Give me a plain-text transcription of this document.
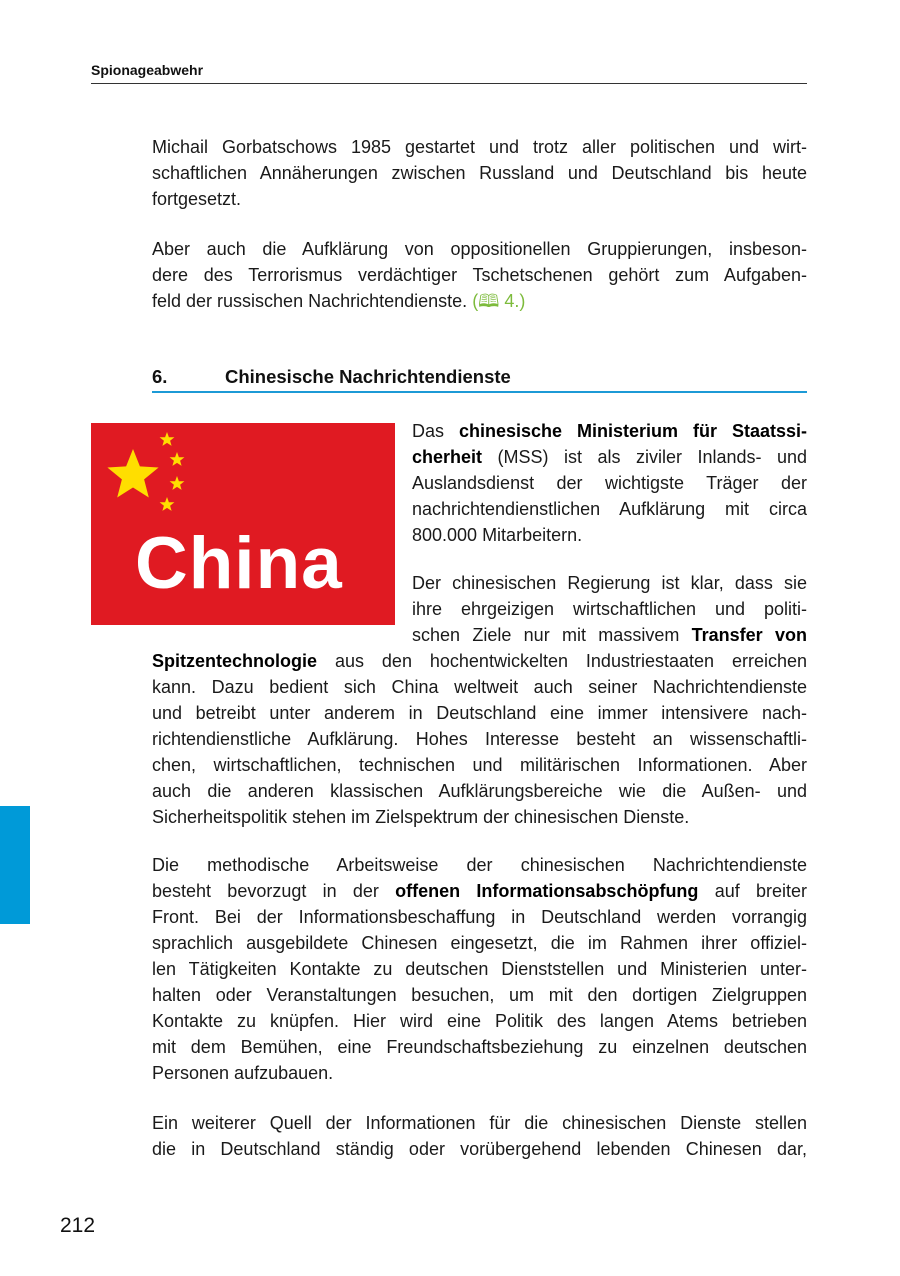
Spionageabwehr

Michail Gorbatschows 1985 gestartet und trotz aller politischen und wirt-
schaftlichen Annäherungen zwischen Russland und Deutschland bis heute
fortgesetzt.

Aber auch die Aufklärung von oppositionellen Gruppierungen, insbeson-
dere des Terrorismus verdächtiger Tschetschenen gehört zum Aufgaben-
feld der russischen Nachrichtendienste. (🕮 4.)

6.	Chinesische Nachrichtendienste
China

Das chinesische Ministerium für Staatssi-
cherheit (MSS) ist als ziviler Inlands- und
Auslandsdienst der wichtigste Träger der
nachrichtendienstlichen Aufklärung mit circa
800.000 Mitarbeitern.

Der chinesischen Regierung ist klar, dass sie
ihre ehrgeizigen wirtschaftlichen und politi-
schen Ziele nur mit massivem Transfer von

Spitzentechnologie aus den hochentwickelten Industriestaaten erreichen
kann. Dazu bedient sich China weltweit auch seiner Nachrichtendienste
und betreibt unter anderem in Deutschland eine immer intensivere nach-
richtendienstliche Aufklärung. Hohes Interesse besteht an wissenschaftli-
chen, wirtschaftlichen, technischen und militärischen Informationen. Aber
auch die anderen klassischen Aufklärungsbereiche wie die Außen- und
Sicherheitspolitik stehen im Zielspektrum der chinesischen Dienste.

Die methodische Arbeitsweise der chinesischen Nachrichtendienste
besteht bevorzugt in der offenen Informationsabschöpfung auf breiter
Front. Bei der Informationsbeschaffung in Deutschland werden vorrangig
sprachlich ausgebildete Chinesen eingesetzt, die im Rahmen ihrer offiziel-
len Tätigkeiten Kontakte zu deutschen Dienststellen und Ministerien unter-
halten oder Veranstaltungen besuchen, um mit den dortigen Zielgruppen
Kontakte zu knüpfen. Hier wird eine Politik des langen Atems betrieben
mit dem Bemühen, eine Freundschaftsbeziehung zu einzelnen deutschen
Personen aufzubauen.

Ein weiterer Quell der Informationen für die chinesischen Dienste stellen
die in Deutschland ständig oder vorübergehend lebenden Chinesen dar,

212
